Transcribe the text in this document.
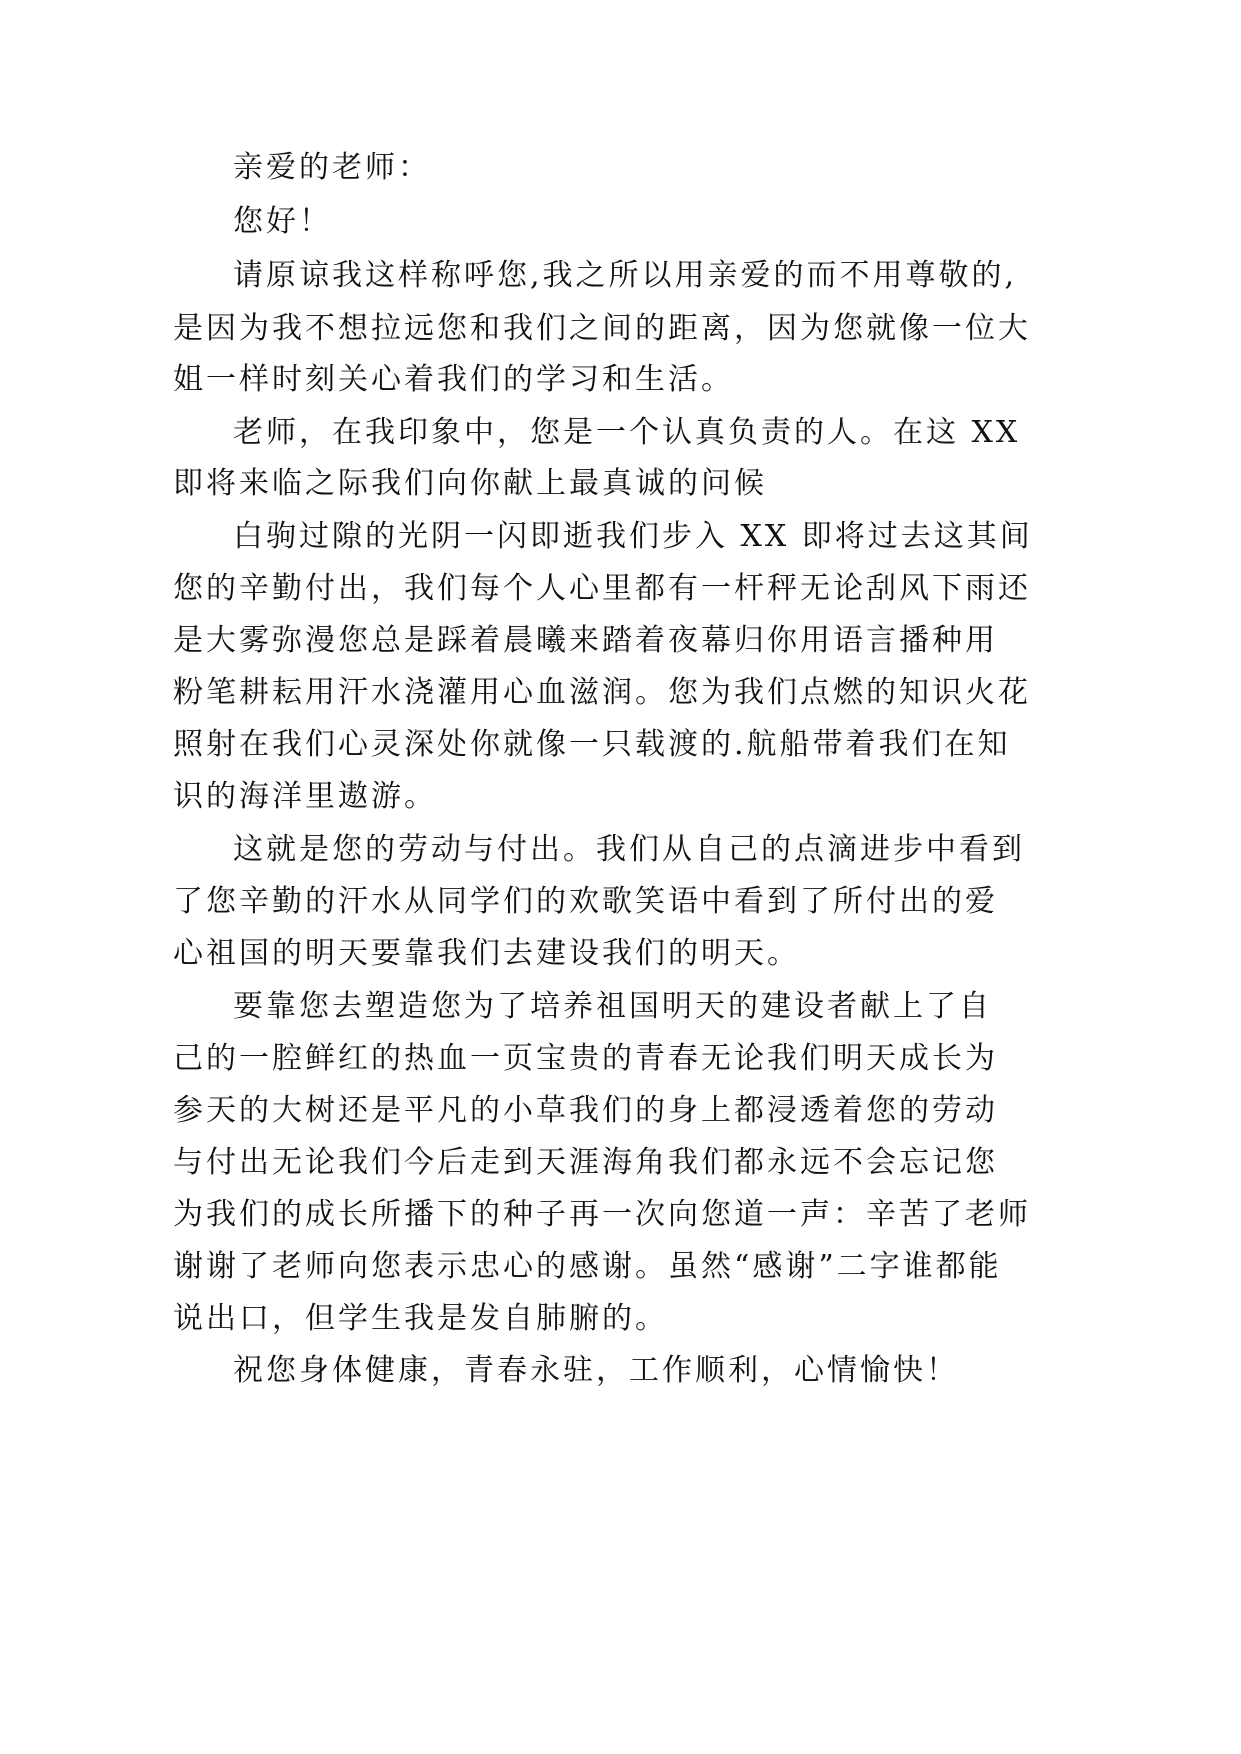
亲爱的老师：

您好！

请原谅我这样称呼您,我之所以用亲爱的而不用尊敬的,

是因为我不想拉远您和我们之间的距离，因为您就像一位大

姐一样时刻关心着我们的学习和生活。

老师，在我印象中，您是一个认真负责的人。在这 XX

即将来临之际我们向你献上最真诚的问候

白驹过隙的光阴一闪即逝我们步入 XX 即将过去这其间

您的辛勤付出，我们每个人心里都有一杆秤无论刮风下雨还

是大雾弥漫您总是踩着晨曦来踏着夜幕归你用语言播种用

粉笔耕耘用汗水浇灌用心血滋润。您为我们点燃的知识火花

照射在我们心灵深处你就像一只载渡的.航船带着我们在知

识的海洋里遨游。

这就是您的劳动与付出。我们从自己的点滴进步中看到

了您辛勤的汗水从同学们的欢歌笑语中看到了所付出的爱

心祖国的明天要靠我们去建设我们的明天。

要靠您去塑造您为了培养祖国明天的建设者献上了自

己的一腔鲜红的热血一页宝贵的青春无论我们明天成长为

参天的大树还是平凡的小草我们的身上都浸透着您的劳动

与付出无论我们今后走到天涯海角我们都永远不会忘记您

为我们的成长所播下的种子再一次向您道一声：辛苦了老师

谢谢了老师向您表示忠心的感谢。虽然“感谢”二字谁都能

说出口，但学生我是发自肺腑的。

祝您身体健康，青春永驻，工作顺利，心情愉快！
